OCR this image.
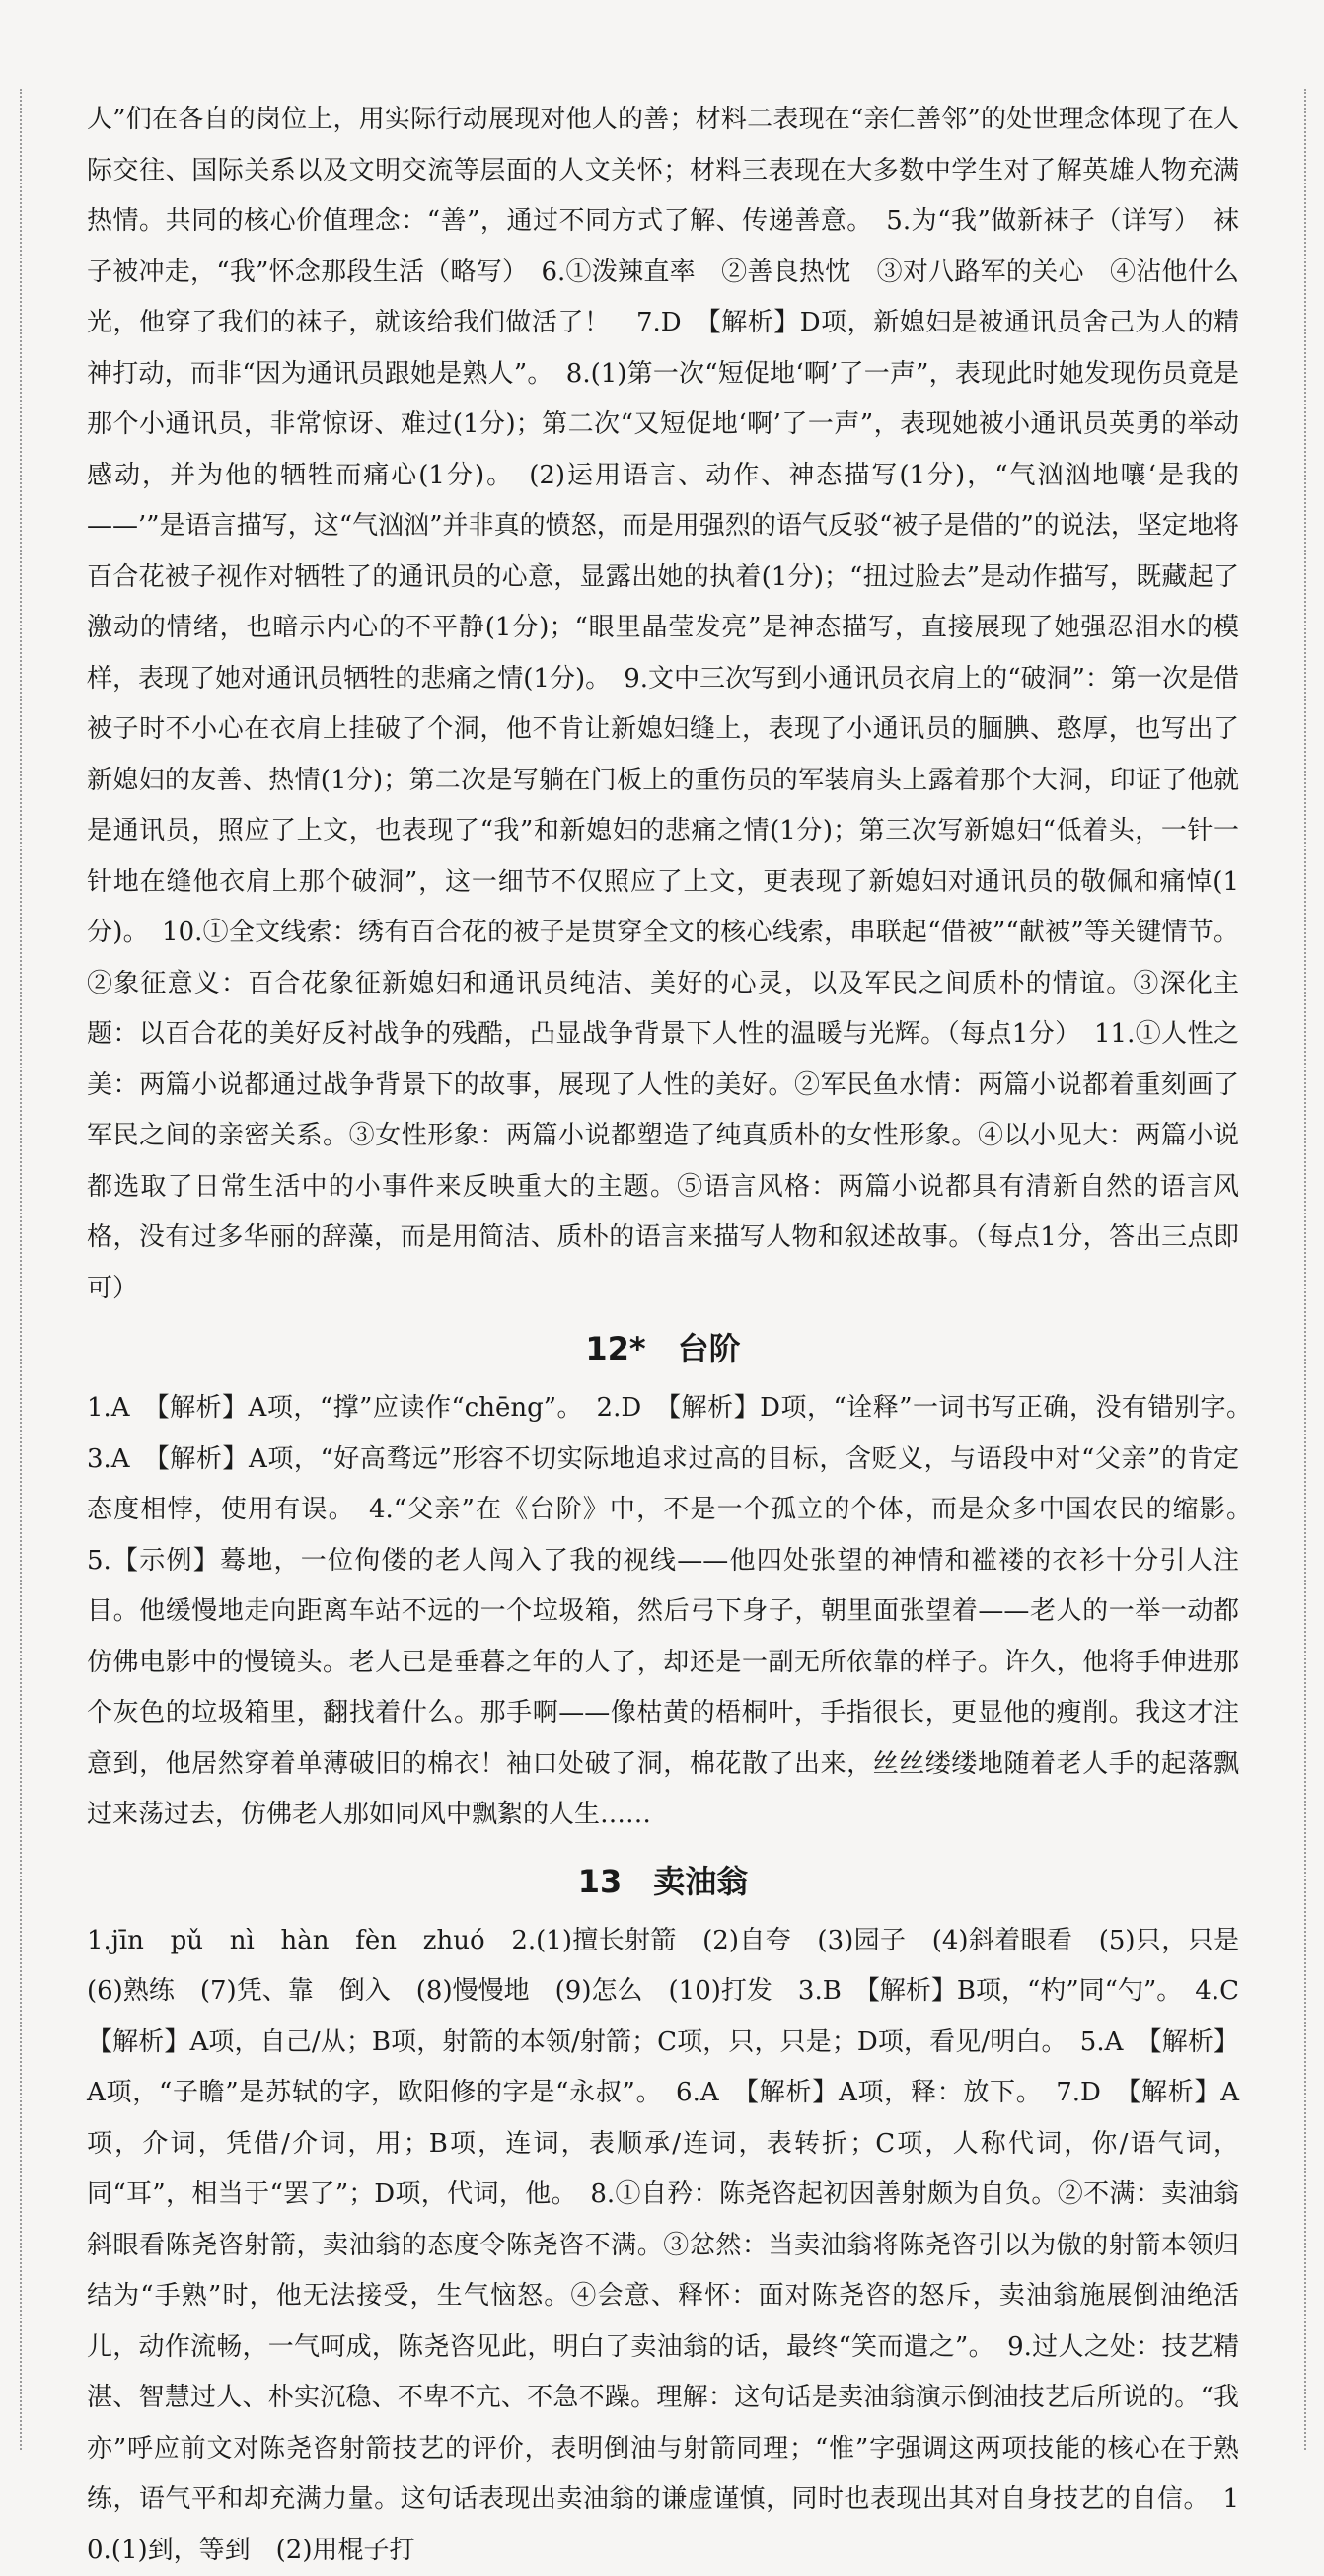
人”们在各自的岗位上，用实际行动展现对他人的善；材料二表现在“亲仁善邻”的处世理念体现了在人际交往、国际关系以及文明交流等层面的人文关怀；材料三表现在大多数中学生对了解英雄人物充满热情。共同的核心价值理念：“善”，通过不同方式了解、传递善意。　5.为“我”做新袜子（详写）　袜子被冲走，“我”怀念那段生活（略写）　6.①泼辣直率　②善良热忱　③对八路军的关心　④沾他什么光，他穿了我们的袜子，就该给我们做活了！　7.D　【解析】D项，新媳妇是被通讯员舍己为人的精神打动，而非“因为通讯员跟她是熟人”。　8.(1)第一次“短促地‘啊’了一声”，表现此时她发现伤员竟是那个小通讯员，非常惊讶、难过(1分)；第二次“又短促地‘啊’了一声”，表现她被小通讯员英勇的举动感动，并为他的牺牲而痛心(1分)。　(2)运用语言、动作、神态描写(1分)，“气汹汹地嚷‘是我的——’”是语言描写，这“气汹汹”并非真的愤怒，而是用强烈的语气反驳“被子是借的”的说法，坚定地将百合花被子视作对牺牲了的通讯员的心意，显露出她的执着(1分)；“扭过脸去”是动作描写，既藏起了激动的情绪，也暗示内心的不平静(1分)；“眼里晶莹发亮”是神态描写，直接展现了她强忍泪水的模样，表现了她对通讯员牺牲的悲痛之情(1分)。　9.文中三次写到小通讯员衣肩上的“破洞”：第一次是借被子时不小心在衣肩上挂破了个洞，他不肯让新媳妇缝上，表现了小通讯员的腼腆、憨厚，也写出了新媳妇的友善、热情(1分)；第二次是写躺在门板上的重伤员的军装肩头上露着那个大洞，印证了他就是通讯员，照应了上文，也表现了“我”和新媳妇的悲痛之情(1分)；第三次写新媳妇“低着头，一针一针地在缝他衣肩上那个破洞”，这一细节不仅照应了上文，更表现了新媳妇对通讯员的敬佩和痛悼(1分)。　10.①全文线索：绣有百合花的被子是贯穿全文的核心线索，串联起“借被”“献被”等关键情节。②象征意义：百合花象征新媳妇和通讯员纯洁、美好的心灵，以及军民之间质朴的情谊。③深化主题：以百合花的美好反衬战争的残酷，凸显战争背景下人性的温暖与光辉。（每点1分）　11.①人性之美：两篇小说都通过战争背景下的故事，展现了人性的美好。②军民鱼水情：两篇小说都着重刻画了军民之间的亲密关系。③女性形象：两篇小说都塑造了纯真质朴的女性形象。④以小见大：两篇小说都选取了日常生活中的小事件来反映重大的主题。⑤语言风格：两篇小说都具有清新自然的语言风格，没有过多华丽的辞藻，而是用简洁、质朴的语言来描写人物和叙述故事。（每点1分，答出三点即可）

12*　台阶

1.A　【解析】A项，“撑”应读作“chēng”。　2.D　【解析】D项，“诠释”一词书写正确，没有错别字。　3.A　【解析】A项，“好高骛远”形容不切实际地追求过高的目标，含贬义，与语段中对“父亲”的肯定态度相悖，使用有误。　4.“父亲”在《台阶》中，不是一个孤立的个体，而是众多中国农民的缩影。　5.【示例】蓦地，一位佝偻的老人闯入了我的视线——他四处张望的神情和褴褛的衣衫十分引人注目。他缓慢地走向距离车站不远的一个垃圾箱，然后弓下身子，朝里面张望着——老人的一举一动都仿佛电影中的慢镜头。老人已是垂暮之年的人了，却还是一副无所依靠的样子。许久，他将手伸进那个灰色的垃圾箱里，翻找着什么。那手啊——像枯黄的梧桐叶，手指很长，更显他的瘦削。我这才注意到，他居然穿着单薄破旧的棉衣！袖口处破了洞，棉花散了出来，丝丝缕缕地随着老人手的起落飘过来荡过去，仿佛老人那如同风中飘絮的人生……

13　卖油翁

1.jīn　pǔ　nì　hàn　fèn　zhuó　2.(1)擅长射箭　(2)自夸　(3)园子　(4)斜着眼看　(5)只，只是　(6)熟练　(7)凭、靠　倒入　(8)慢慢地　(9)怎么　(10)打发　3.B　【解析】B项，“杓”同“勺”。　4.C　【解析】A项，自己/从；B项，射箭的本领/射箭；C项，只，只是；D项，看见/明白。　5.A　【解析】A项，“子瞻”是苏轼的字，欧阳修的字是“永叔”。　6.A　【解析】A项，释：放下。　7.D　【解析】A项，介词，凭借/介词，用；B项，连词，表顺承/连词，表转折；C项，人称代词，你/语气词，同“耳”，相当于“罢了”；D项，代词，他。　8.①自矜：陈尧咨起初因善射颇为自负。②不满：卖油翁斜眼看陈尧咨射箭，卖油翁的态度令陈尧咨不满。③忿然：当卖油翁将陈尧咨引以为傲的射箭本领归结为“手熟”时，他无法接受，生气恼怒。④会意、释怀：面对陈尧咨的怒斥，卖油翁施展倒油绝活儿，动作流畅，一气呵成，陈尧咨见此，明白了卖油翁的话，最终“笑而遣之”。　9.过人之处：技艺精湛、智慧过人、朴实沉稳、不卑不亢、不急不躁。理解：这句话是卖油翁演示倒油技艺后所说的。“我亦”呼应前文对陈尧咨射箭技艺的评价，表明倒油与射箭同理；“惟”字强调这两项技能的核心在于熟练，语气平和却充满力量。这句话表现出卖油翁的谦虚谨慎，同时也表现出其对自身技艺的自信。　10.(1)到，等到　(2)用棍子打
